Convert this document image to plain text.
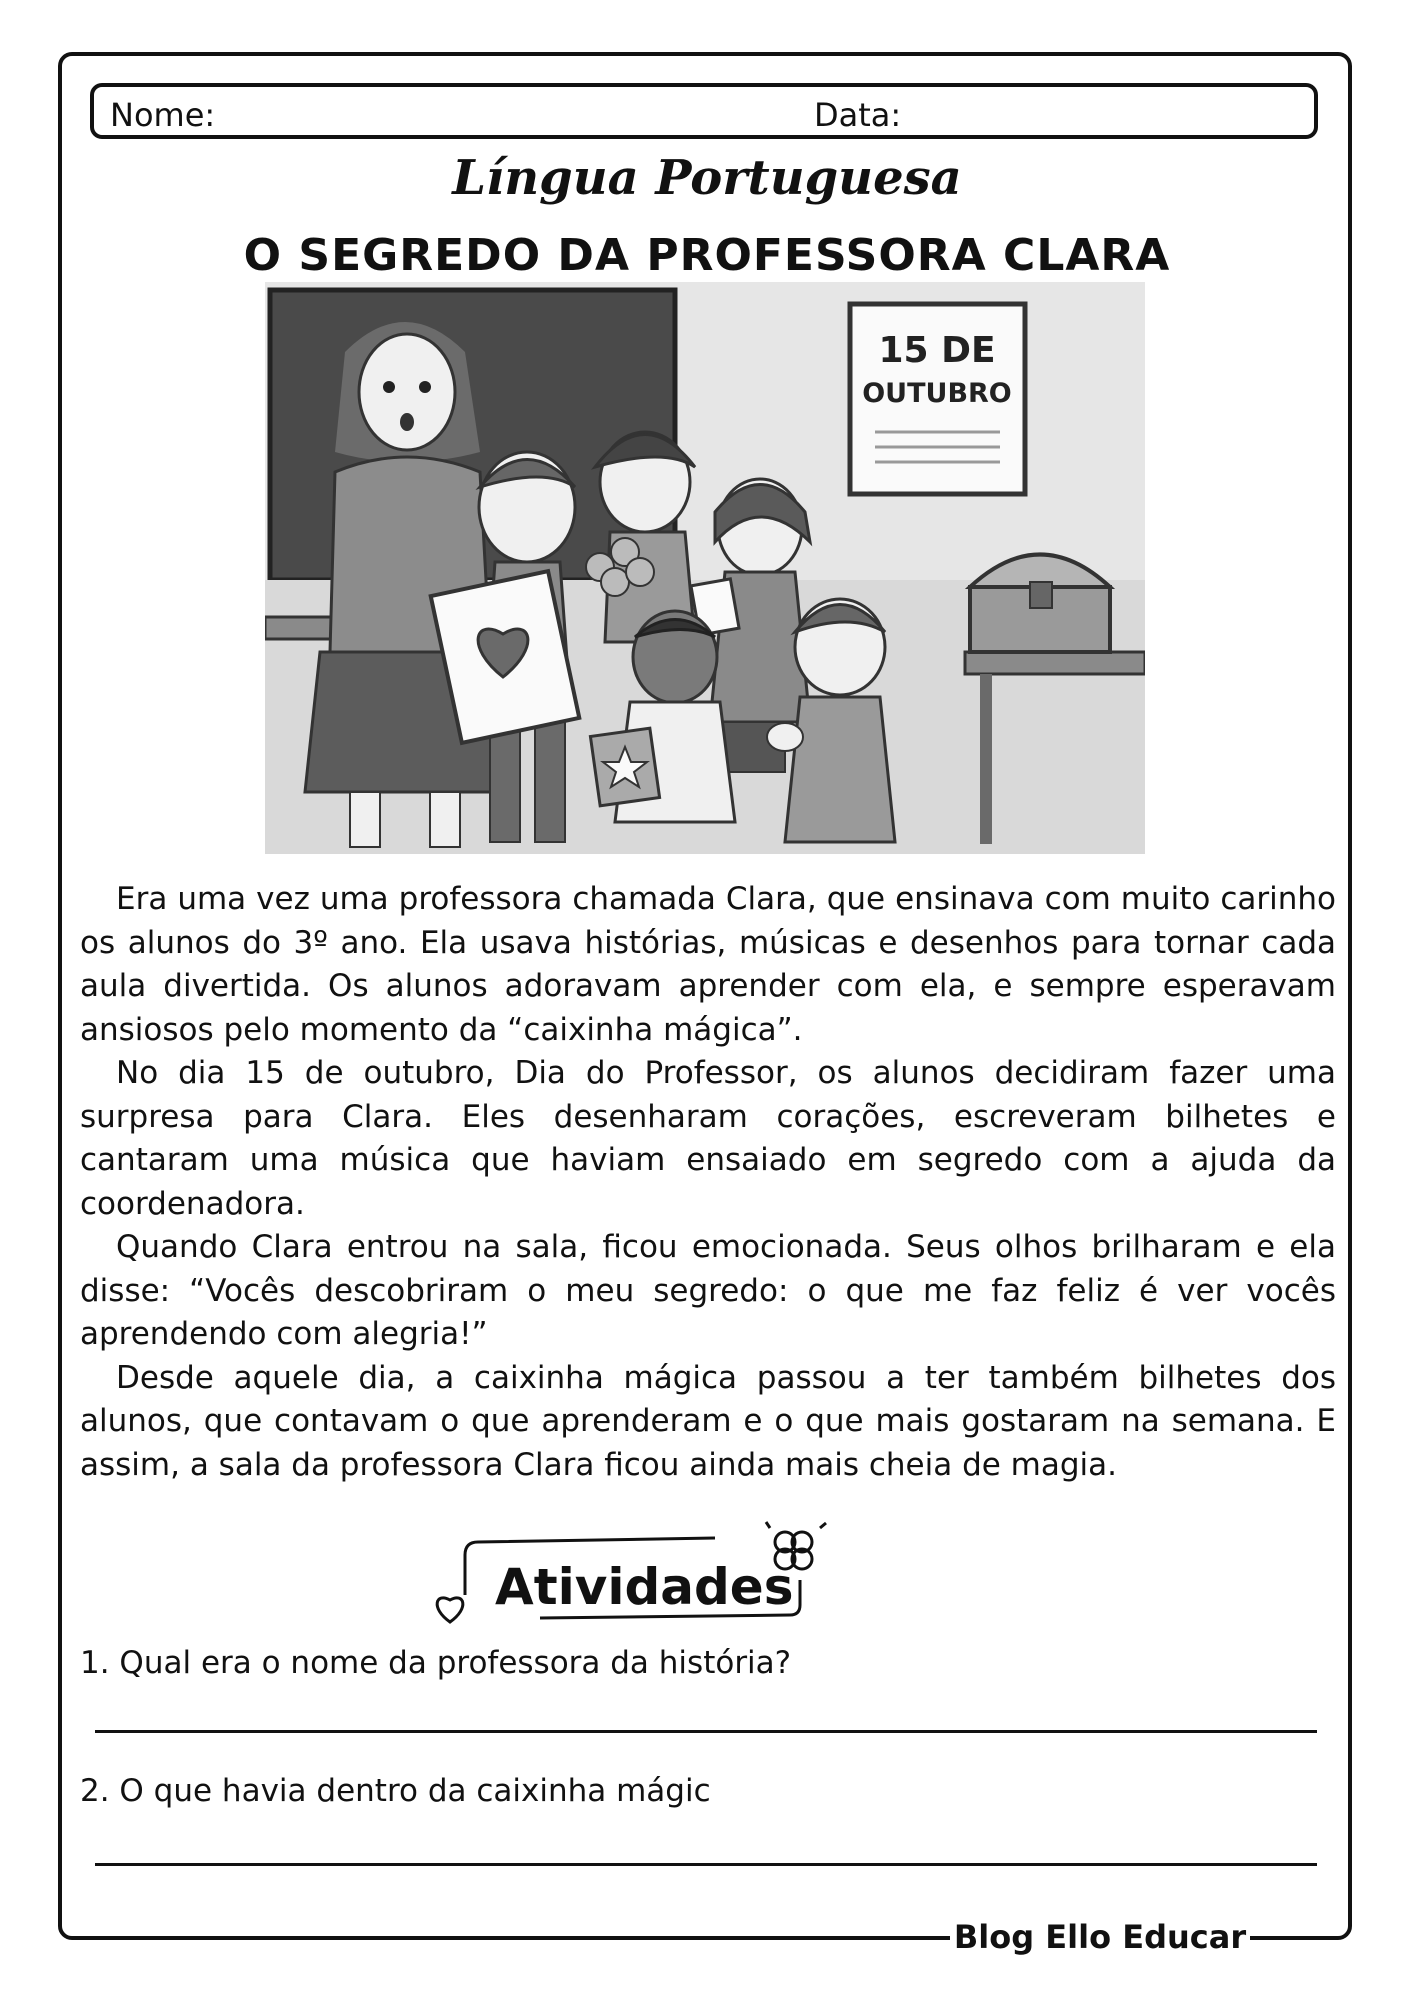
Nome:	Data:
Língua Portuguesa
O SEGREDO DA PROFESSORA CLARA
15 DE
OUTUBRO

Era uma vez uma professora chamada Clara, que ensinava com muito carinho os alunos do 3º ano. Ela usava histórias, músicas e desenhos para tornar cada aula divertida. Os alunos adoravam aprender com ela, e sempre esperavam ansiosos pelo momento da “caixinha mágica”.

No dia 15 de outubro, Dia do Professor, os alunos decidiram fazer uma surpresa para Clara. Eles desenharam corações, escreveram bilhetes e cantaram uma música que haviam ensaiado em segredo com a ajuda da coordenadora.

Quando Clara entrou na sala, ficou emocionada. Seus olhos brilharam e ela disse: “Vocês descobriram o meu segredo: o que me faz feliz é ver vocês aprendendo com alegria!”

Desde aquele dia, a caixinha mágica passou a ter também bilhetes dos alunos, que contavam o que aprenderam e o que mais gostaram na semana. E assim, a sala da professora Clara ficou ainda mais cheia de magia.

Atividades
1. Qual era o nome da professora da história?
2. O que havia dentro da caixinha mágic
Blog Ello Educar
